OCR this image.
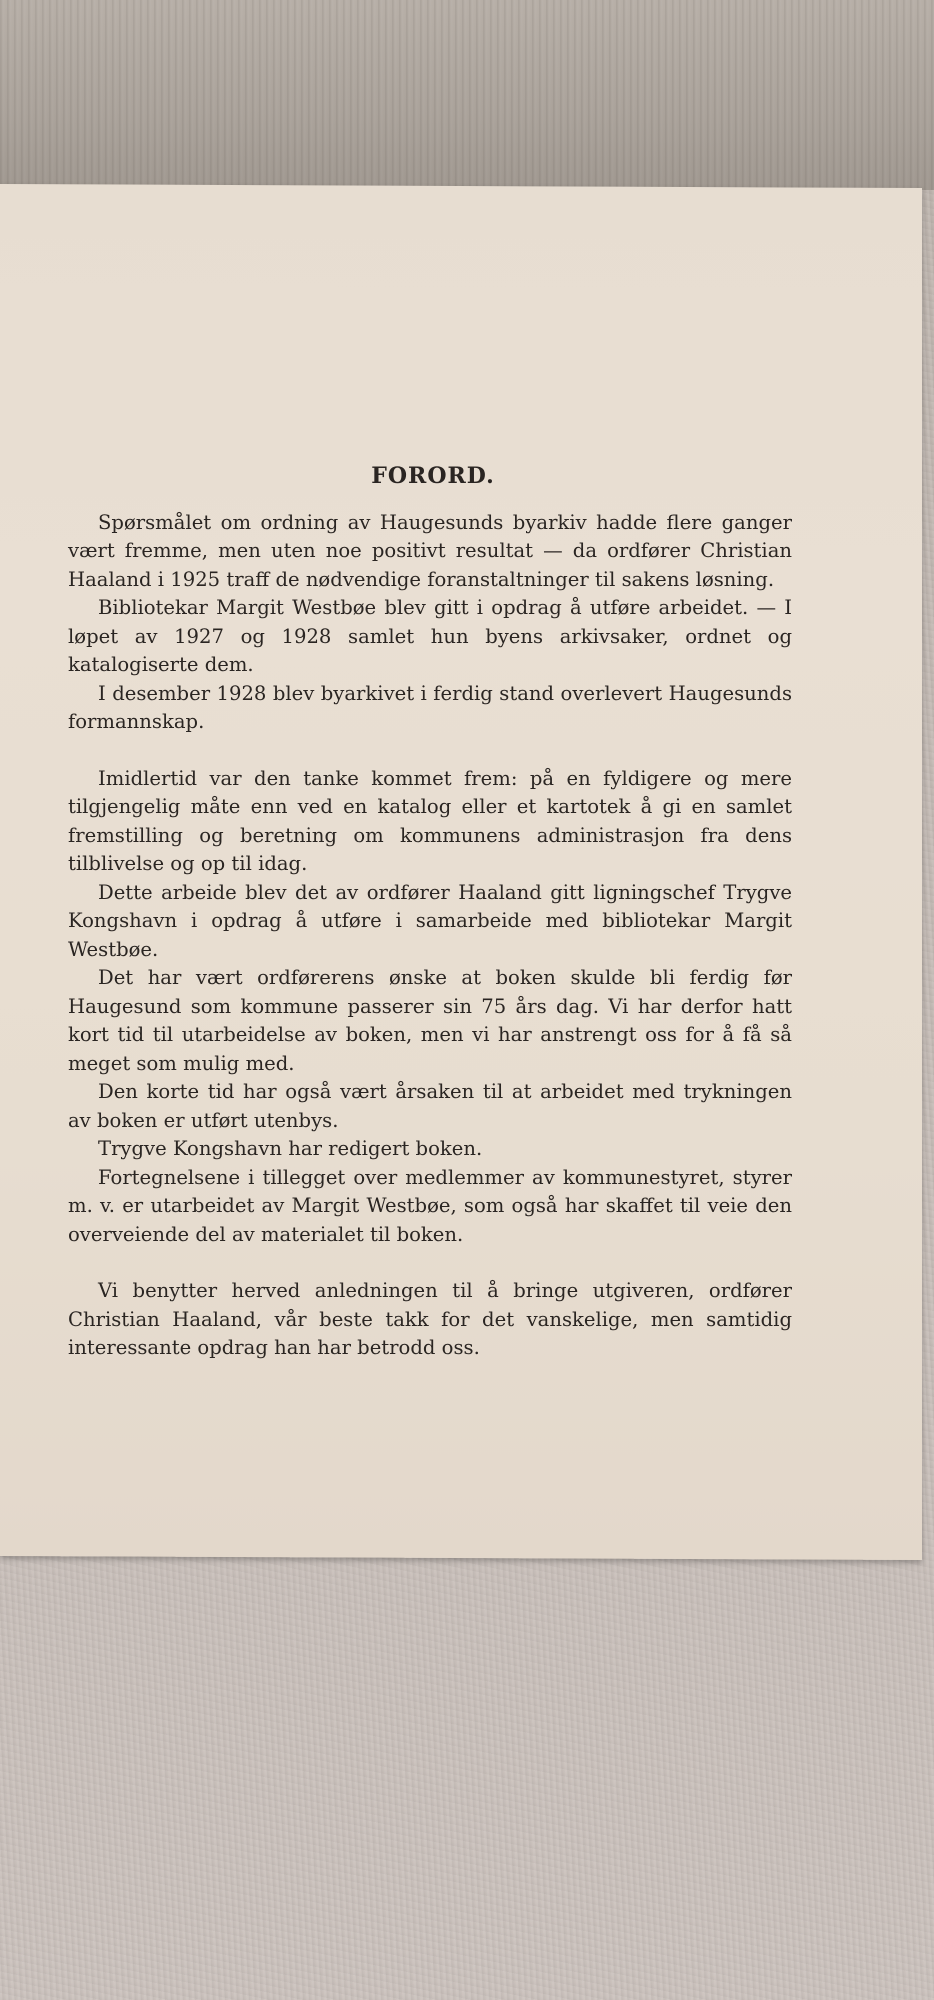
FORORD.

Spørsmålet om ordning av Haugesunds byarkiv hadde flere ganger vært fremme, men uten noe positivt resultat — da ordfører Christian Haaland i 1925 traff de nødvendige foranstaltninger til sakens løsning.

Bibliotekar Margit Westbøe blev gitt i opdrag å utføre arbeidet. — I løpet av 1927 og 1928 samlet hun byens arkivsaker, ordnet og katalogiserte dem.

I desember 1928 blev byarkivet i ferdig stand overlevert Haugesunds formannskap.

Imidlertid var den tanke kommet frem: på en fyldigere og mere tilgjengelig måte enn ved en katalog eller et kartotek å gi en samlet fremstilling og beretning om kommunens administrasjon fra dens tilblivelse og op til idag.

Dette arbeide blev det av ordfører Haaland gitt ligningschef Trygve Kongshavn i opdrag å utføre i samarbeide med bibliotekar Margit Westbøe.

Det har vært ordførerens ønske at boken skulde bli ferdig før Haugesund som kommune passerer sin 75 års dag. Vi har derfor hatt kort tid til utarbeidelse av boken, men vi har anstrengt oss for å få så meget som mulig med.

Den korte tid har også vært årsaken til at arbeidet med trykningen av boken er utført utenbys.

Trygve Kongshavn har redigert boken.

Fortegnelsene i tillegget over medlemmer av kommunestyret, styrer m. v. er utarbeidet av Margit Westbøe, som også har skaffet til veie den overveiende del av materialet til boken.

Vi benytter herved anledningen til å bringe utgiveren, ordfører Christian Haaland, vår beste takk for det vanskelige, men samtidig interessante opdrag han har betrodd oss.
